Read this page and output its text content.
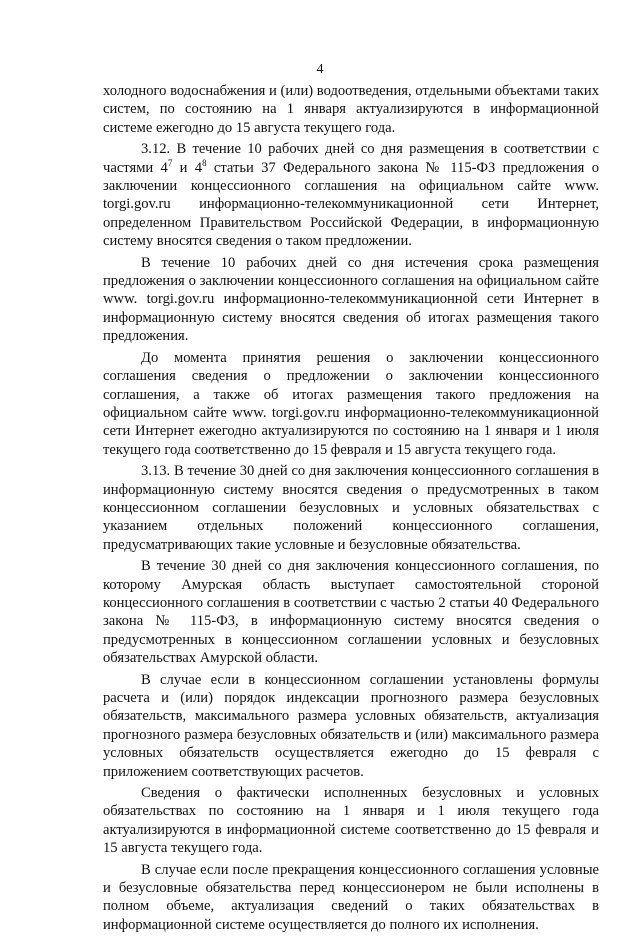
4

холодного водоснабжения и (или) водоотведения, отдельными объектами таких систем, по состоянию на 1 января актуализируются в информационной системе ежегодно до 15 августа текущего года.

3.12. В течение 10 рабочих дней со дня размещения в соответствии с частями $4^7$ и $4^8$ статьи 37 Федерального закона № 115-ФЗ предложения о заключении концессионного соглашения на официальном сайте www. torgi.gov.ru информационно-телекоммуникационной сети Интернет, определенном Правительством Российской Федерации, в информационную систему вносятся сведения о таком предложении.

В течение 10 рабочих дней со дня истечения срока размещения предложения о заключении концессионного соглашения на официальном сайте www. torgi.gov.ru информационно-телекоммуникационной сети Интернет в информационную систему вносятся сведения об итогах размещения такого предложения.

До момента принятия решения о заключении концессионного соглашения сведения о предложении о заключении концессионного соглашения, а также об итогах размещения такого предложения на официальном сайте www. torgi.gov.ru информационно-телекоммуникационной сети Интернет ежегодно актуализируются по состоянию на 1 января и 1 июля текущего года соответственно до 15 февраля и 15 августа текущего года.

3.13. В течение 30 дней со дня заключения концессионного соглашения в информационную систему вносятся сведения о предусмотренных в таком концессионном соглашении безусловных и условных обязательствах с указанием отдельных положений концессионного соглашения, предусматривающих такие условные и безусловные обязательства.

В течение 30 дней со дня заключения концессионного соглашения, по которому Амурская область выступает самостоятельной стороной концессионного соглашения в соответствии с частью 2 статьи 40 Федерального закона № 115-ФЗ, в информационную систему вносятся сведения о предусмотренных в концессионном соглашении условных и безусловных обязательствах Амурской области.

В случае если в концессионном соглашении установлены формулы расчета и (или) порядок индексации прогнозного размера безусловных обязательств, максимального размера условных обязательств, актуализация прогнозного размера безусловных обязательств и (или) максимального размера условных обязательств осуществляется ежегодно до 15 февраля с приложением соответствующих расчетов.

Сведения о фактически исполненных безусловных и условных обязательствах по состоянию на 1 января и 1 июля текущего года актуализируются в информационной системе соответственно до 15 февраля и 15 августа текущего года.

В случае если после прекращения концессионного соглашения условные и безусловные обязательства перед концессионером не были исполнены в полном объеме, актуализация сведений о таких обязательствах в информационной системе осуществляется до полного их исполнения.
